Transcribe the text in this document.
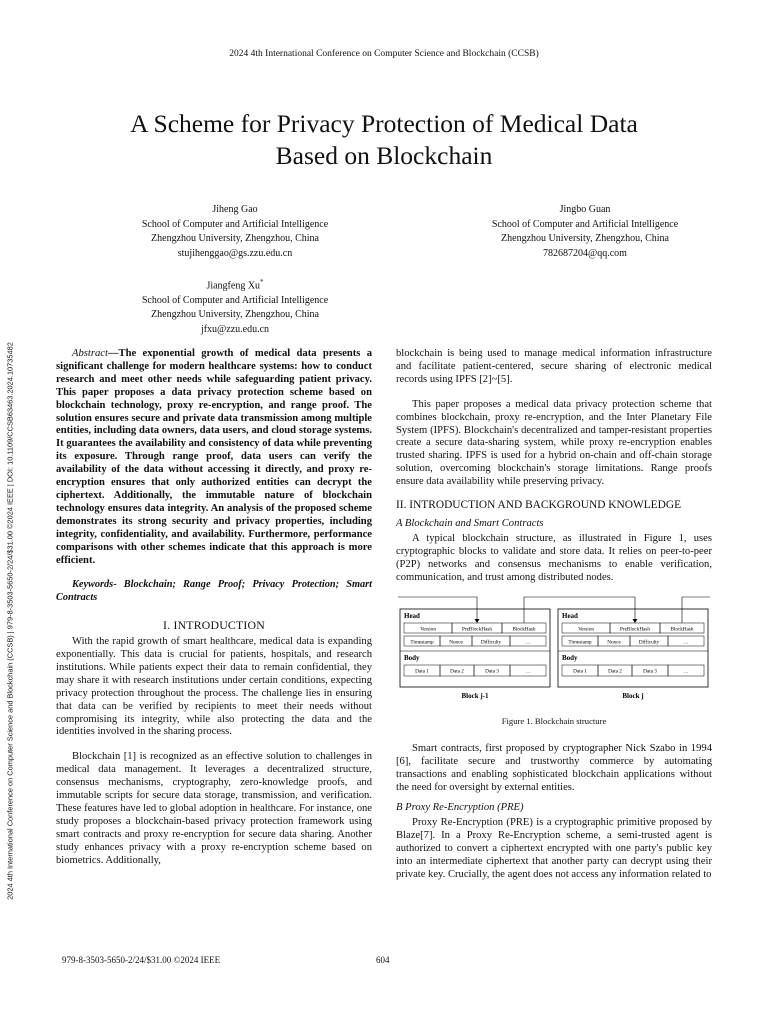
2024 4th International Conference on Computer Science and Blockchain (CCSB)
A Scheme for Privacy Protection of Medical Data
Based on Blockchain
Jiheng Gao
School of Computer and Artificial Intelligence
Zhengzhou University, Zhengzhou, China
stujihenggao@gs.zzu.edu.cn
Jingbo Guan
School of Computer and Artificial Intelligence
Zhengzhou University, Zhengzhou, China
782687204@qq.com
Jiangfeng Xu*
School of Computer and Artificial Intelligence
Zhengzhou University, Zhengzhou, China
jfxu@zzu.edu.cn
2024 4th International Conference on Computer Science and Blockchain (CCSB) | 979-8-3503-5650-2/24/$31.00 ©2024 IEEE | DOI: 10.1109/CCSB63463.2024.10735482	Abstract—The exponential growth of medical data presents a significant challenge for modern healthcare systems: how to conduct research and meet other needs while safeguarding patient privacy. This paper proposes a data privacy protection scheme based on blockchain technology, proxy re-encryption, and range proof. The solution ensures secure and private data transmission among multiple entities, including data owners, data users, and cloud storage systems. It guarantees the availability and consistency of data while preventing its exposure. Through range proof, data users can verify the availability of the data without accessing it directly, and proxy re-encryption ensures that only authorized entities can decrypt the ciphertext. Additionally, the immutable nature of blockchain technology ensures data integrity. An analysis of the proposed scheme demonstrates its strong security and privacy properties, including integrity, confidentiality, and availability. Furthermore, performance comparisons with other schemes indicate that this approach is more efficient.

Keywords- Blockchain; Range Proof; Privacy Protection; Smart Contracts

I. INTRODUCTION

With the rapid growth of smart healthcare, medical data is expanding exponentially. This data is crucial for patients, hospitals, and research institutions. While patients expect their data to remain confidential, they may share it with research institutions under certain conditions, expecting privacy protection throughout the process. The challenge lies in ensuring that data can be verified by recipients to meet their needs without compromising its integrity, while also protecting the data and the identities involved in the sharing process.

Blockchain [1] is recognized as an effective solution to challenges in medical data management. It leverages a decentralized structure, consensus mechanisms, cryptography, zero-knowledge proofs, and immutable scripts for secure data storage, transmission, and verification. These features have led to global adoption in healthcare. For instance, one study proposes a blockchain-based privacy protection framework using smart contracts and proxy re-encryption for secure data sharing. Another study enhances privacy with a proxy re-encryption scheme based on biometrics. Additionally,

blockchain is being used to manage medical information infrastructure and facilitate patient-centered, secure sharing of electronic medical records using IPFS [2]~[5].

This paper proposes a medical data privacy protection scheme that combines blockchain, proxy re-encryption, and the Inter Planetary File System (IPFS). Blockchain's decentralized and tamper-resistant properties create a secure data-sharing system, while proxy re-encryption enables trusted sharing. IPFS is used for a hybrid on-chain and off-chain storage solution, overcoming blockchain's storage limitations. Range proofs ensure data availability while preserving privacy.

II. INTRODUCTION AND BACKGROUND KNOWLEDGE

A Blockchain and Smart Contracts

A typical blockchain structure, as illustrated in Figure 1, uses cryptographic blocks to validate and store data. It relies on peer-to-peer (P2P) networks and consensus mechanisms to enable verification, communication, and trust among distributed nodes.

Head
Version	PreBlockHash	BlockHash
Timestamp	Nonce	Difficulty	...
Body
Data 1	Data 2	Data 3	...
Block j-1
Head
Version	PreBlockHash	BlockHash
Timestamp	Nonce	Difficulty	...
Body
Data 1	Data 2	Data 3	...
Block j

Figure 1. Blockchain structure

Smart contracts, first proposed by cryptographer Nick Szabo in 1994 [6], facilitate secure and trustworthy commerce by automating transactions and enabling sophisticated blockchain applications without the need for oversight by external entities.

B Proxy Re-Encryption (PRE)

Proxy Re-Encryption (PRE) is a cryptographic primitive proposed by Blaze[7]. In a Proxy Re-Encryption scheme, a semi-trusted agent is authorized to convert a ciphertext encrypted with one party's public key into an intermediate ciphertext that another party can decrypt using their private key. Crucially, the agent does not access any information related to

979-8-3503-5650-2/24/$31.00 ©2024 IEEE	604
